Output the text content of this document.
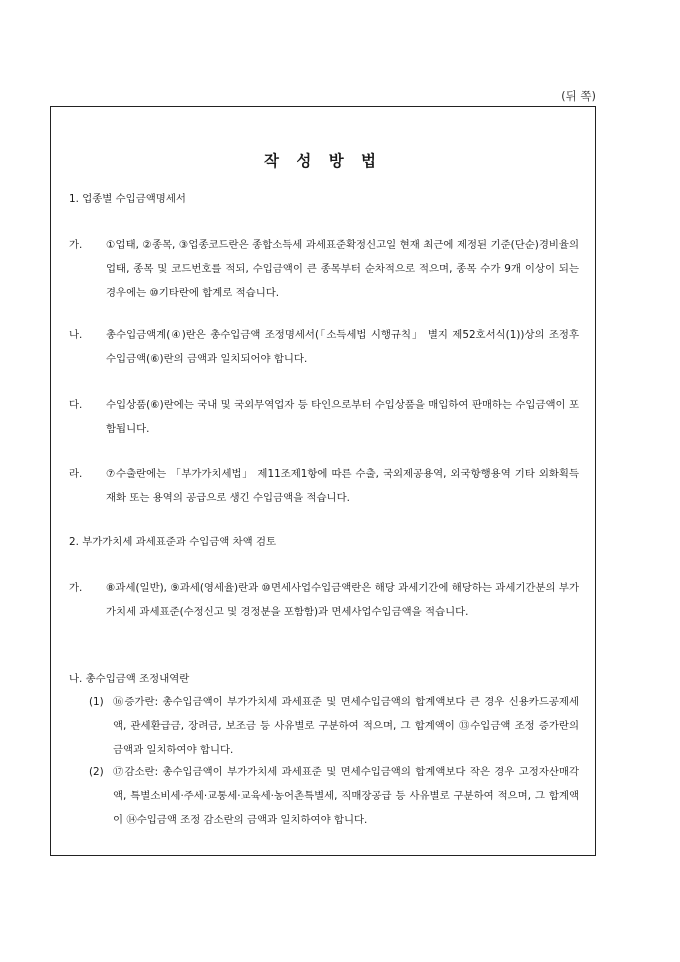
(뒤 쪽)
작 성 방 법
1. 업종별 수입금액명세서
가. ①업태, ②종목, ③업종코드란은 종합소득세 과세표준확정신고일 현재 최근에 제정된 기준(단순)경비율의 업태, 종목 및 코드번호를 적되, 수입금액이 큰 종목부터 순차적으로 적으며, 종목 수가 9개 이상이 되는 경우에는 ⑩기타란에 합계로 적습니다.
나. 총수입금액계(④)란은 총수입금액 조정명세서(「소득세법 시행규칙」 별지 제52호서식(1))상의 조정후 수입금액(⑥)란의 금액과 일치되어야 합니다.
다. 수입상품(⑥)란에는 국내 및 국외무역업자 등 타인으로부터 수입상품을 매입하여 판매하는 수입금액이 포함됩니다.
라. ⑦수출란에는 「부가가치세법」 제11조제1항에 따른 수출, 국외제공용역, 외국항행용역 기타 외화획득재화 또는 용역의 공급으로 생긴 수입금액을 적습니다.
2. 부가가치세 과세표준과 수입금액 차액 검토
가. ⑧과세(일반), ⑨과세(영세율)란과 ⑩면세사업수입금액란은 해당 과세기간에 해당하는 과세기간분의 부가가치세 과세표준(수정신고 및 경정분을 포함함)과 면세사업수입금액을 적습니다.
나. 총수입금액 조정내역란
(1) ⑯증가란: 총수입금액이 부가가치세 과세표준 및 면세수입금액의 합계액보다 큰 경우 신용카드공제세액, 관세환급금, 장려금, 보조금 등 사유별로 구분하여 적으며, 그 합계액이 ⑬수입금액 조정 증가란의 금액과 일치하여야 합니다.
(2) ⑰감소란: 총수입금액이 부가가치세 과세표준 및 면세수입금액의 합계액보다 작은 경우 고정자산매각액, 특별소비세·주세·교통세·교육세·농어촌특별세, 직매장공급 등 사유별로 구분하여 적으며, 그 합계액이 ⑭수입금액 조정 감소란의 금액과 일치하여야 합니다.
